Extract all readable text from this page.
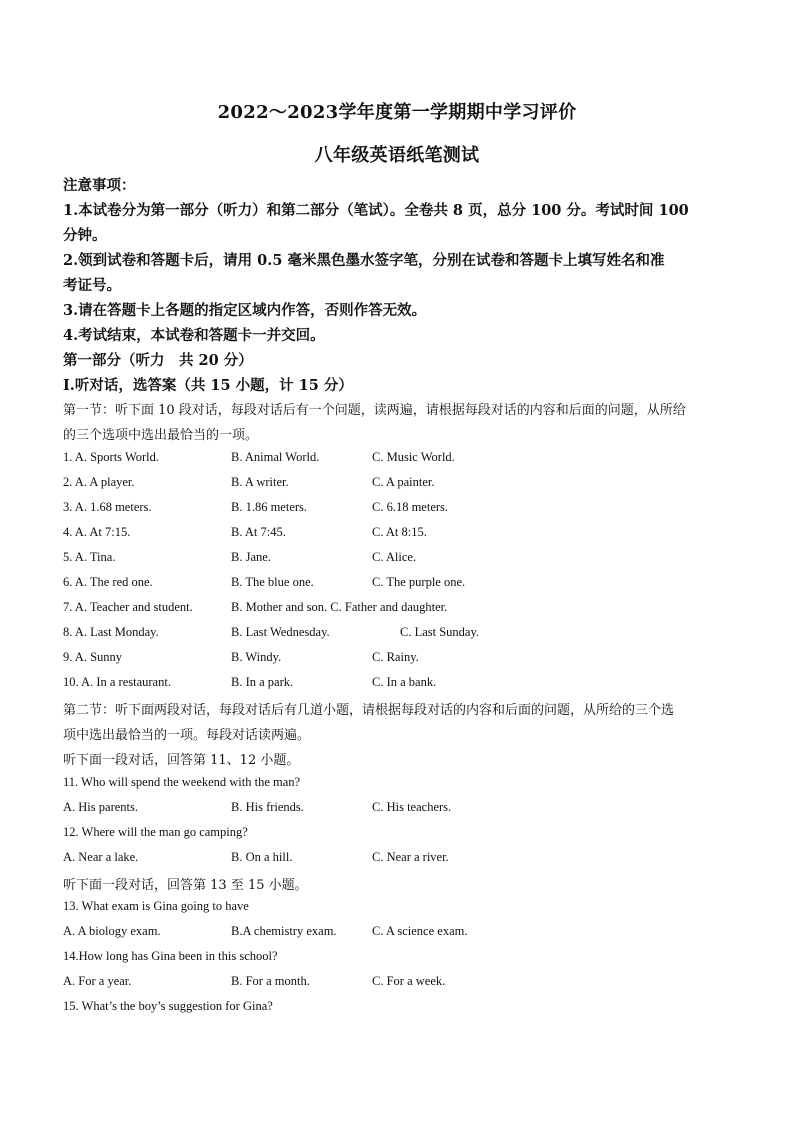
2022～2023学年度第一学期期中学习评价
八年级英语纸笔测试
注意事项：
1.本试卷分为第一部分（听力）和第二部分（笔试）。全卷共 8 页，总分 100 分。考试时间 100
分钟。
2.领到试卷和答题卡后，请用 0.5 毫米黑色墨水签字笔，分别在试卷和答题卡上填写姓名和准
考证号。
3.请在答题卡上各题的指定区域内作答，否则作答无效。
4.考试结束，本试卷和答题卡一并交回。
第一部分（听力　共 20 分）
I.听对话，选答案（共 15 小题，计 15 分）
第一节：听下面 10 段对话，每段对话后有一个问题，读两遍，请根据每段对话的内容和后面的问题，从所给
的三个选项中选出最恰当的一项。
1. A. Sports World.	B. Animal World.	C. Music World.
2. A. A player.	B. A writer.	C. A painter.
3. A. 1.68 meters.	B. 1.86 meters.	C. 6.18 meters.
4. A. At 7:15.	B. At 7:45.	C. At 8:15.
5. A. Tina.	B. Jane.	C. Alice.
6. A. The red one.	B. The blue one.	C. The purple one.
7. A. Teacher and student.	B. Mother and son. C. Father and daughter.
8. A. Last Monday.	B. Last Wednesday.	C. Last Sunday.
9. A. Sunny	B. Windy.	C. Rainy.
10. A. In a restaurant.	B. In a park.	C. In a bank.
第二节：听下面两段对话，每段对话后有几道小题，请根据每段对话的内容和后面的问题，从所给的三个选
项中选出最恰当的一项。每段对话读两遍。
听下面一段对话，回答第 11、12 小题。
11. Who will spend the weekend with the man?
A. His parents.	B. His friends.	C. His teachers.
12. Where will the man go camping?
A. Near a lake.	B. On a hill.	C. Near a river.
听下面一段对话，回答第 13 至 15 小题。
13. What exam is Gina going to have
A. A biology exam.	B.A chemistry exam.	C. A science exam.
14.How long has Gina been in this school?
A. For a year.	B. For a month.	C. For a week.
15. What’s the boy’s suggestion for Gina?
